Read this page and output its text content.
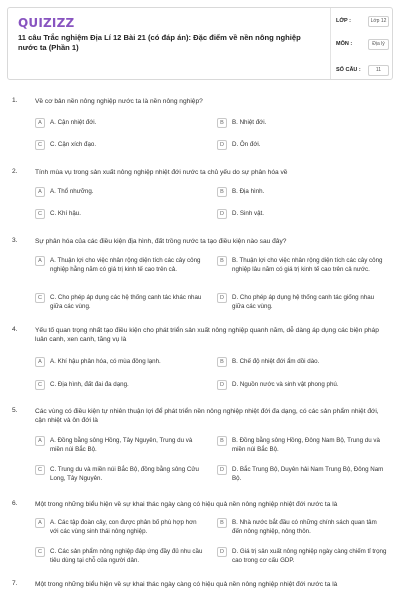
QUIZIZZ
11 câu Trắc nghiệm Địa Lí 12 Bài 21 (có đáp án): Đặc điểm về nền nông nghiệp nước ta (Phần 1)
LỚP :	Lớp 12
MÔN :	Địa lý
SỐ CÂU :	11
1.	Về cơ bản nền nông nghiệp nước ta là nền nông nghiệp?
A	A. Cận nhiệt đới.	B	B. Nhiệt đới.
C	C. Cận xích đạo.	D	D. Ôn đới.
2.	Tính mùa vụ trong sản xuất nông nghiệp nhiệt đới nước ta chủ yếu do sự phân hóa về
A	A. Thổ nhưỡng.	B	B. Địa hình.
C	C. Khí hậu.	D	D. Sinh vật.
3.	Sự phân hóa của các điều kiện địa hình, đất trồng nước ta tạo điều kiện nào sau đây?
A	A. Thuận lợi cho việc nhân rộng diện tích các cây công nghiệp hằng năm có giá trị kinh tế cao trên cả.
B	B. Thuận lợi cho việc nhân rộng diện tích các cây công nghiệp lâu năm có giá trị kinh tế cao trên cả nước.
C	C. Cho phép áp dụng các hệ thống canh tác khác nhau giữa các vùng.
D	D. Cho phép áp dụng hệ thống canh tác giống nhau giữa các vùng.
4.	Yếu tố quan trọng nhất tạo điều kiện cho phát triển sản xuất nông nghiệp quanh năm, dễ dàng áp dụng các biện pháp luân canh, xen canh, tăng vụ là
A	A. Khí hậu phân hóa, có mùa đông lạnh.	B	B. Chế độ nhiệt đới ẩm dồi dào.
C	C. Địa hình, đất đai đa dạng.	D	D. Nguồn nước và sinh vật phong phú.
5.	Các vùng có điều kiện tự nhiên thuận lợi để phát triển nền nông nghiệp nhiệt đới đa dạng, có các sản phẩm nhiệt đới, cận nhiệt và ôn đới là
A	A. Đồng bằng sông Hồng, Tây Nguyên, Trung du và miền núi Bắc Bộ.
B	B. Đồng bằng sông Hồng, Đông Nam Bộ, Trung du và miền núi Bắc Bộ.
C	C. Trung du và miền núi Bắc Bộ, đồng bằng sông Cửu Long, Tây Nguyên.
D	D. Bắc Trung Bộ, Duyên hải Nam Trung Bộ, Đông Nam Bộ.
6.	Một trong những biểu hiện về sự khai thác ngày càng có hiệu quả nền nông nghiệp nhiệt đới nước ta là
A	A. Các tập đoàn cây, con được phân bố phù hợp hơn với các vùng sinh thái nông nghiệp.
B	B. Nhà nước bắt đầu có những chính sách quan tâm đến nông nghiệp, nông thôn.
C	C. Các sản phẩm nông nghiệp đáp ứng đầy đủ nhu cầu tiêu dùng tại chỗ của người dân.
D	D. Giá trị sản xuất nông nghiệp ngày càng chiếm tỉ trọng cao trong cơ cấu GDP.
7.	Một trong những biểu hiện về sự khai thác ngày càng có hiệu quả nền nông nghiệp nhiệt đới nước ta là
